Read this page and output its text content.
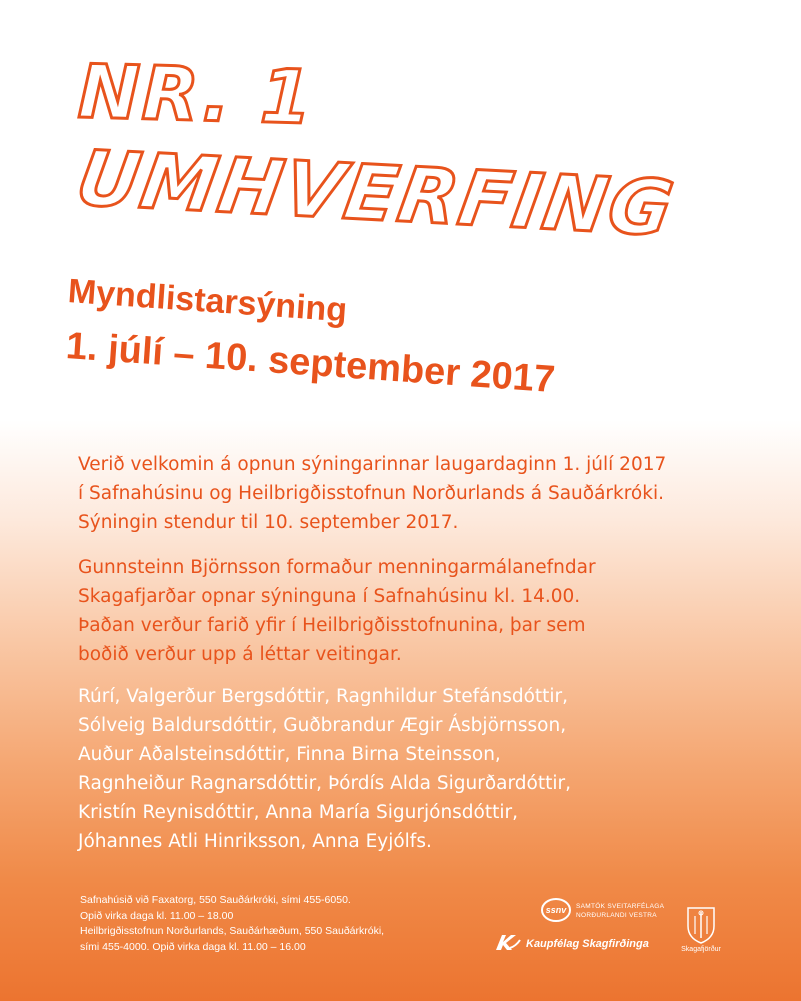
NR. 1
UMHVERFING
Myndlistarsýning
1. júlí – 10. september 2017

Verið velkomin á opnun sýningarinnar laugardaginn 1. júlí 2017
í Safnahúsinu og Heilbrigðisstofnun Norðurlands á Sauðárkróki.
Sýningin stendur til 10. september 2017.

Gunnsteinn Björnsson formaður menningarmálanefndar
Skagafjarðar opnar sýninguna í Safnahúsinu kl. 14.00.
Þaðan verður farið yfir í Heilbrigðisstofnunina, þar sem
boðið verður upp á léttar veitingar.

Rúrí, Valgerður Bergsdóttir, Ragnhildur Stefánsdóttir,
Sólveig Baldursdóttir, Guðbrandur Ægir Ásbjörnsson,
Auður Aðalsteinsdóttir, Finna Birna Steinsson,
Ragnheiður Ragnarsdóttir, Þórdís Alda Sigurðardóttir,
Kristín Reynisdóttir, Anna María Sigurjónsdóttir,
Jóhannes Atli Hinriksson, Anna Eyjólfs.

Safnahúsið við Faxatorg, 550 Sauðárkróki, sími 455-6050.
Opið virka daga kl. 11.00 – 18.00
Heilbrigðisstofnun Norðurlands, Sauðárhæðum, 550 Sauðárkróki,
sími 455-4000. Opið virka daga kl. 11.00 – 16.00

ssnv SAMTÖK SVEITARFÉLAGA
NORÐURLANDI VESTRA
Kaupfélag Skagfirðinga	Skagafjörður
